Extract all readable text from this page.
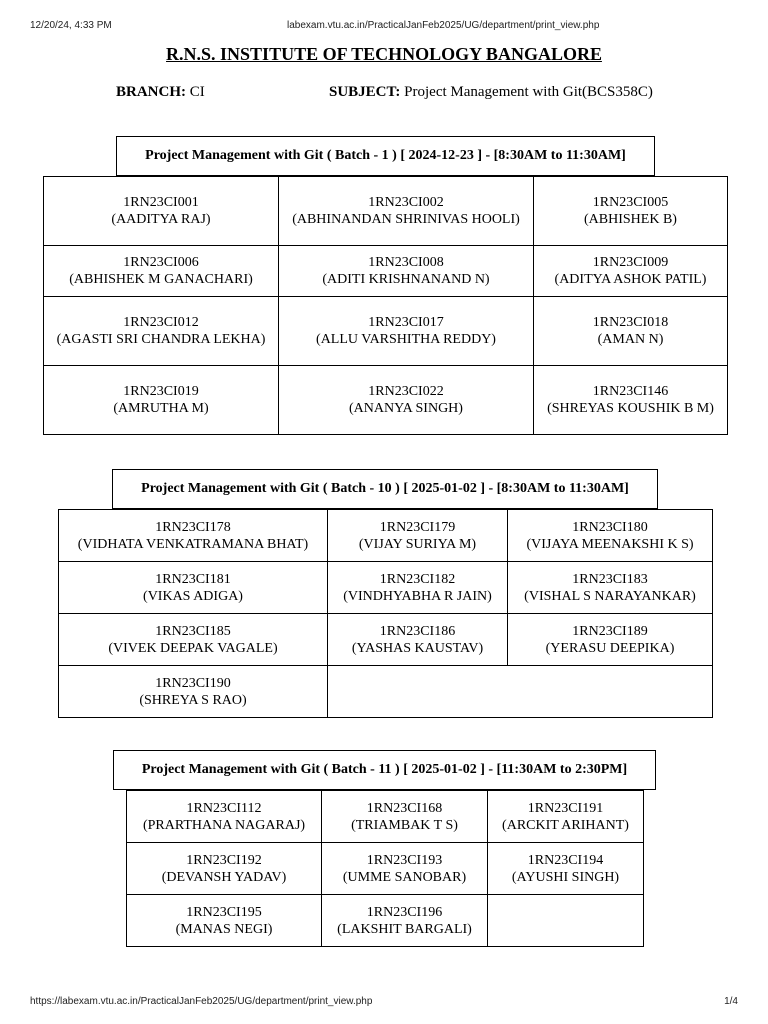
12/20/24, 4:33 PM	labexam.vtu.ac.in/PracticalJanFeb2025/UG/department/print_view.php
R.N.S. INSTITUTE OF TECHNOLOGY BANGALORE
BRANCH: CI	SUBJECT: Project Management with Git(BCS358C)
Project Management with Git ( Batch - 1 ) [ 2024-12-23 ] - [8:30AM to 11:30AM]
1RN23CI001
(AADITYA RAJ)	1RN23CI002
(ABHINANDAN SHRINIVAS HOOLI)	1RN23CI005
(ABHISHEK B)

1RN23CI006
(ABHISHEK M GANACHARI)	1RN23CI008
(ADITI KRISHNANAND N)	1RN23CI009
(ADITYA ASHOK PATIL)

1RN23CI012
(AGASTI SRI CHANDRA LEKHA)	1RN23CI017
(ALLU VARSHITHA REDDY)	1RN23CI018
(AMAN N)

1RN23CI019
(AMRUTHA M)	1RN23CI022
(ANANYA SINGH)	1RN23CI146
(SHREYAS KOUSHIK B M)
Project Management with Git ( Batch - 10 ) [ 2025-01-02 ] - [8:30AM to 11:30AM]
1RN23CI178
(VIDHATA VENKATRAMANA BHAT)	1RN23CI179
(VIJAY SURIYA M)	1RN23CI180
(VIJAYA MEENAKSHI K S)

1RN23CI181
(VIKAS ADIGA)	1RN23CI182
(VINDHYABHA R JAIN)	1RN23CI183
(VISHAL S NARAYANKAR)

1RN23CI185
(VIVEK DEEPAK VAGALE)	1RN23CI186
(YASHAS KAUSTAV)	1RN23CI189
(YERASU DEEPIKA)

1RN23CI190
(SHREYA S RAO)		

Project Management with Git ( Batch - 11 ) [ 2025-01-02 ] - [11:30AM to 2:30PM]
1RN23CI112
(PRARTHANA NAGARAJ)	1RN23CI168
(TRIAMBAK T S)	1RN23CI191
(ARCKIT ARIHANT)

1RN23CI192
(DEVANSH YADAV)	1RN23CI193
(UMME SANOBAR)	1RN23CI194
(AYUSHI SINGH)

1RN23CI195
(MANAS NEGI)	1RN23CI196
(LAKSHIT BARGALI)	

https://labexam.vtu.ac.in/PracticalJanFeb2025/UG/department/print_view.php	1/4
